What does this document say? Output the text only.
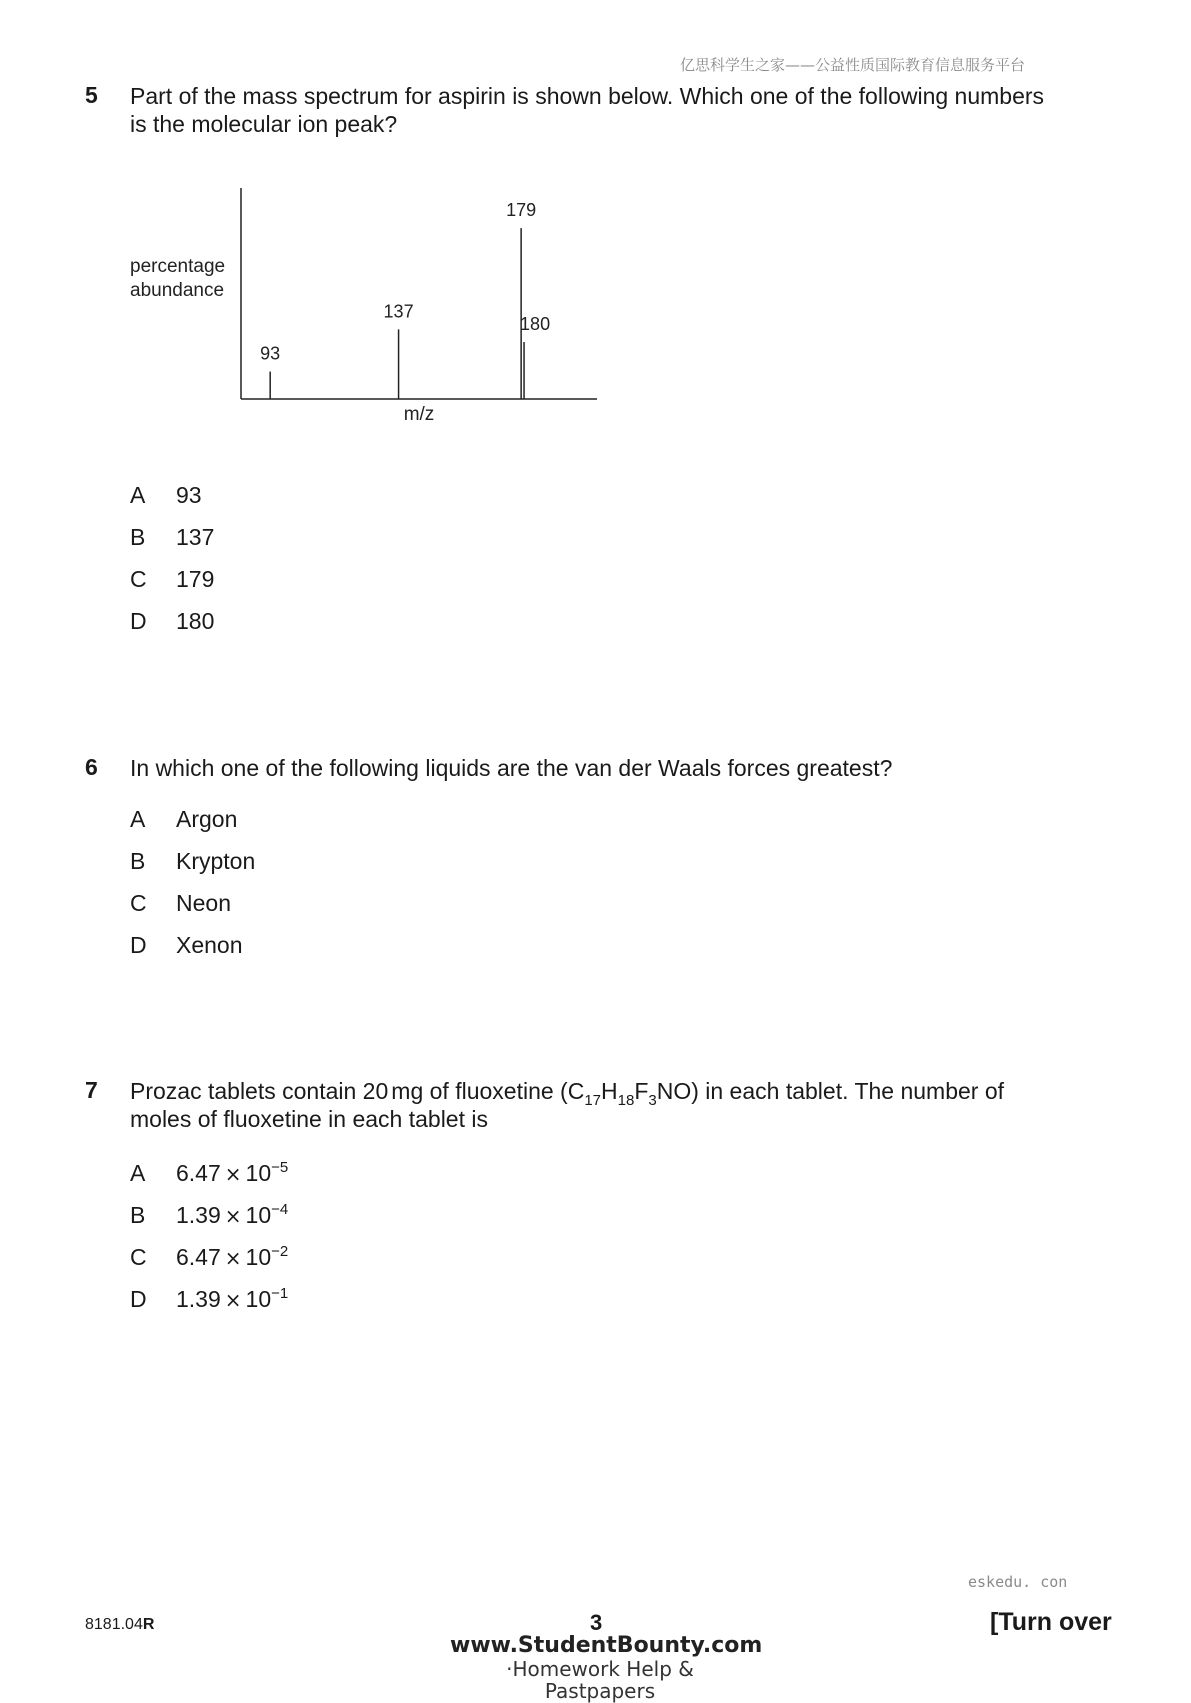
亿思科学生之家——公益性质国际教育信息服务平台
5 Part of the mass spectrum for aspirin is shown below. Which one of the following numbers
is the molecular ion peak?
percentage
abundance
m/z
93
137
179
180
A 93
B 137
C 179
D 180
6 In which one of the following liquids are the van der Waals forces greatest?
A Argon
B Krypton
C Neon
D Xenon
7 Prozac tablets contain 20 mg of fluoxetine $(C_{17}H_{18}F_3NO)$ in each tablet. The number of
moles of fluoxetine in each tablet is
A $6.47 \times 10^{-5}$
B $1.39 \times 10^{-4}$
C $6.47 \times 10^{-2}$
D $1.39 \times 10^{-1}$
eskedu. con
8181.04R	3	[Turn over
www.StudentBounty.com
·Homework Help & Pastpapers
